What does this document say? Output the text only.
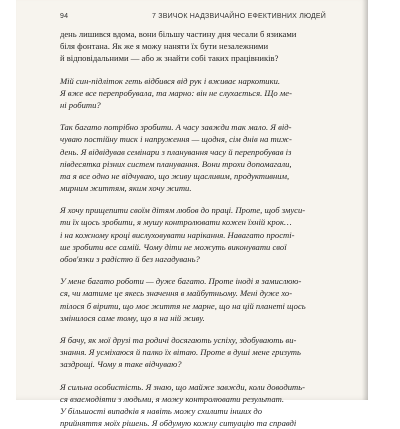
94	7 ЗВИЧОК НАДЗВИЧАЙНО ЕФЕКТИВНИХ ЛЮДЕЙ
день лишився вдома, вони більшу частину дня чесали б язиками
біля фонтана. Як же я можу наняти їх бути незалежними
й відповідальними — або ж знайти собі таких працівників?
Мій син-підліток геть відбився від рук і вживає наркотики.
Я вже все перепробувала, та марно: він не слухається. Що ме-
ні робити?
Так багато потрібно зробити. А часу завжди так мало. Я від-
чуваю постійну тиск і напруження — щодня, сім днів на тиж-
день. Я відвідував семінари з планування часу й перепробував із
півдесятка різних систем планування. Вони трохи допомагали,
та я все одно не відчуваю, що живу щасливим, продуктивним,
мирним життям, яким хочу жити.
Я хочу прищепити своїм дітям любов до праці. Проте, щоб змуси-
ти їх щось зробити, я мушу контролювати кожен їхній крок…
і на кожному кроці вислуховувати нарікання. Навагато прості-
ше зробити все самій. Чому діти не можуть виконувати свої
обов'язки з радістю й без нагадувань?
У мене багато роботи — дуже багато. Проте іноді я замислюю-
ся, чи матиме це якесь значення в майбутньому. Мені дуже хо-
тілося б вірити, що моє життя не марне, що на цій планеті щось
змінилося саме тому, що я на ній живу.
Я бачу, як мої друзі та родичі досягають успіху, здобувають ви-
знання. Я усміхаюся й палко їх вітаю. Проте в душі мене гризуть
заздрощі. Чому я таке відчуваю?
Я сильна особистість. Я знаю, що майже завжди, коли доводить-
ся взаємодіяти з людьми, я можу контролювати результат.
У більшості випадків я навіть можу схилити інших до
прийняття моїх рішень. Я обдумую кожну ситуацію та справді
